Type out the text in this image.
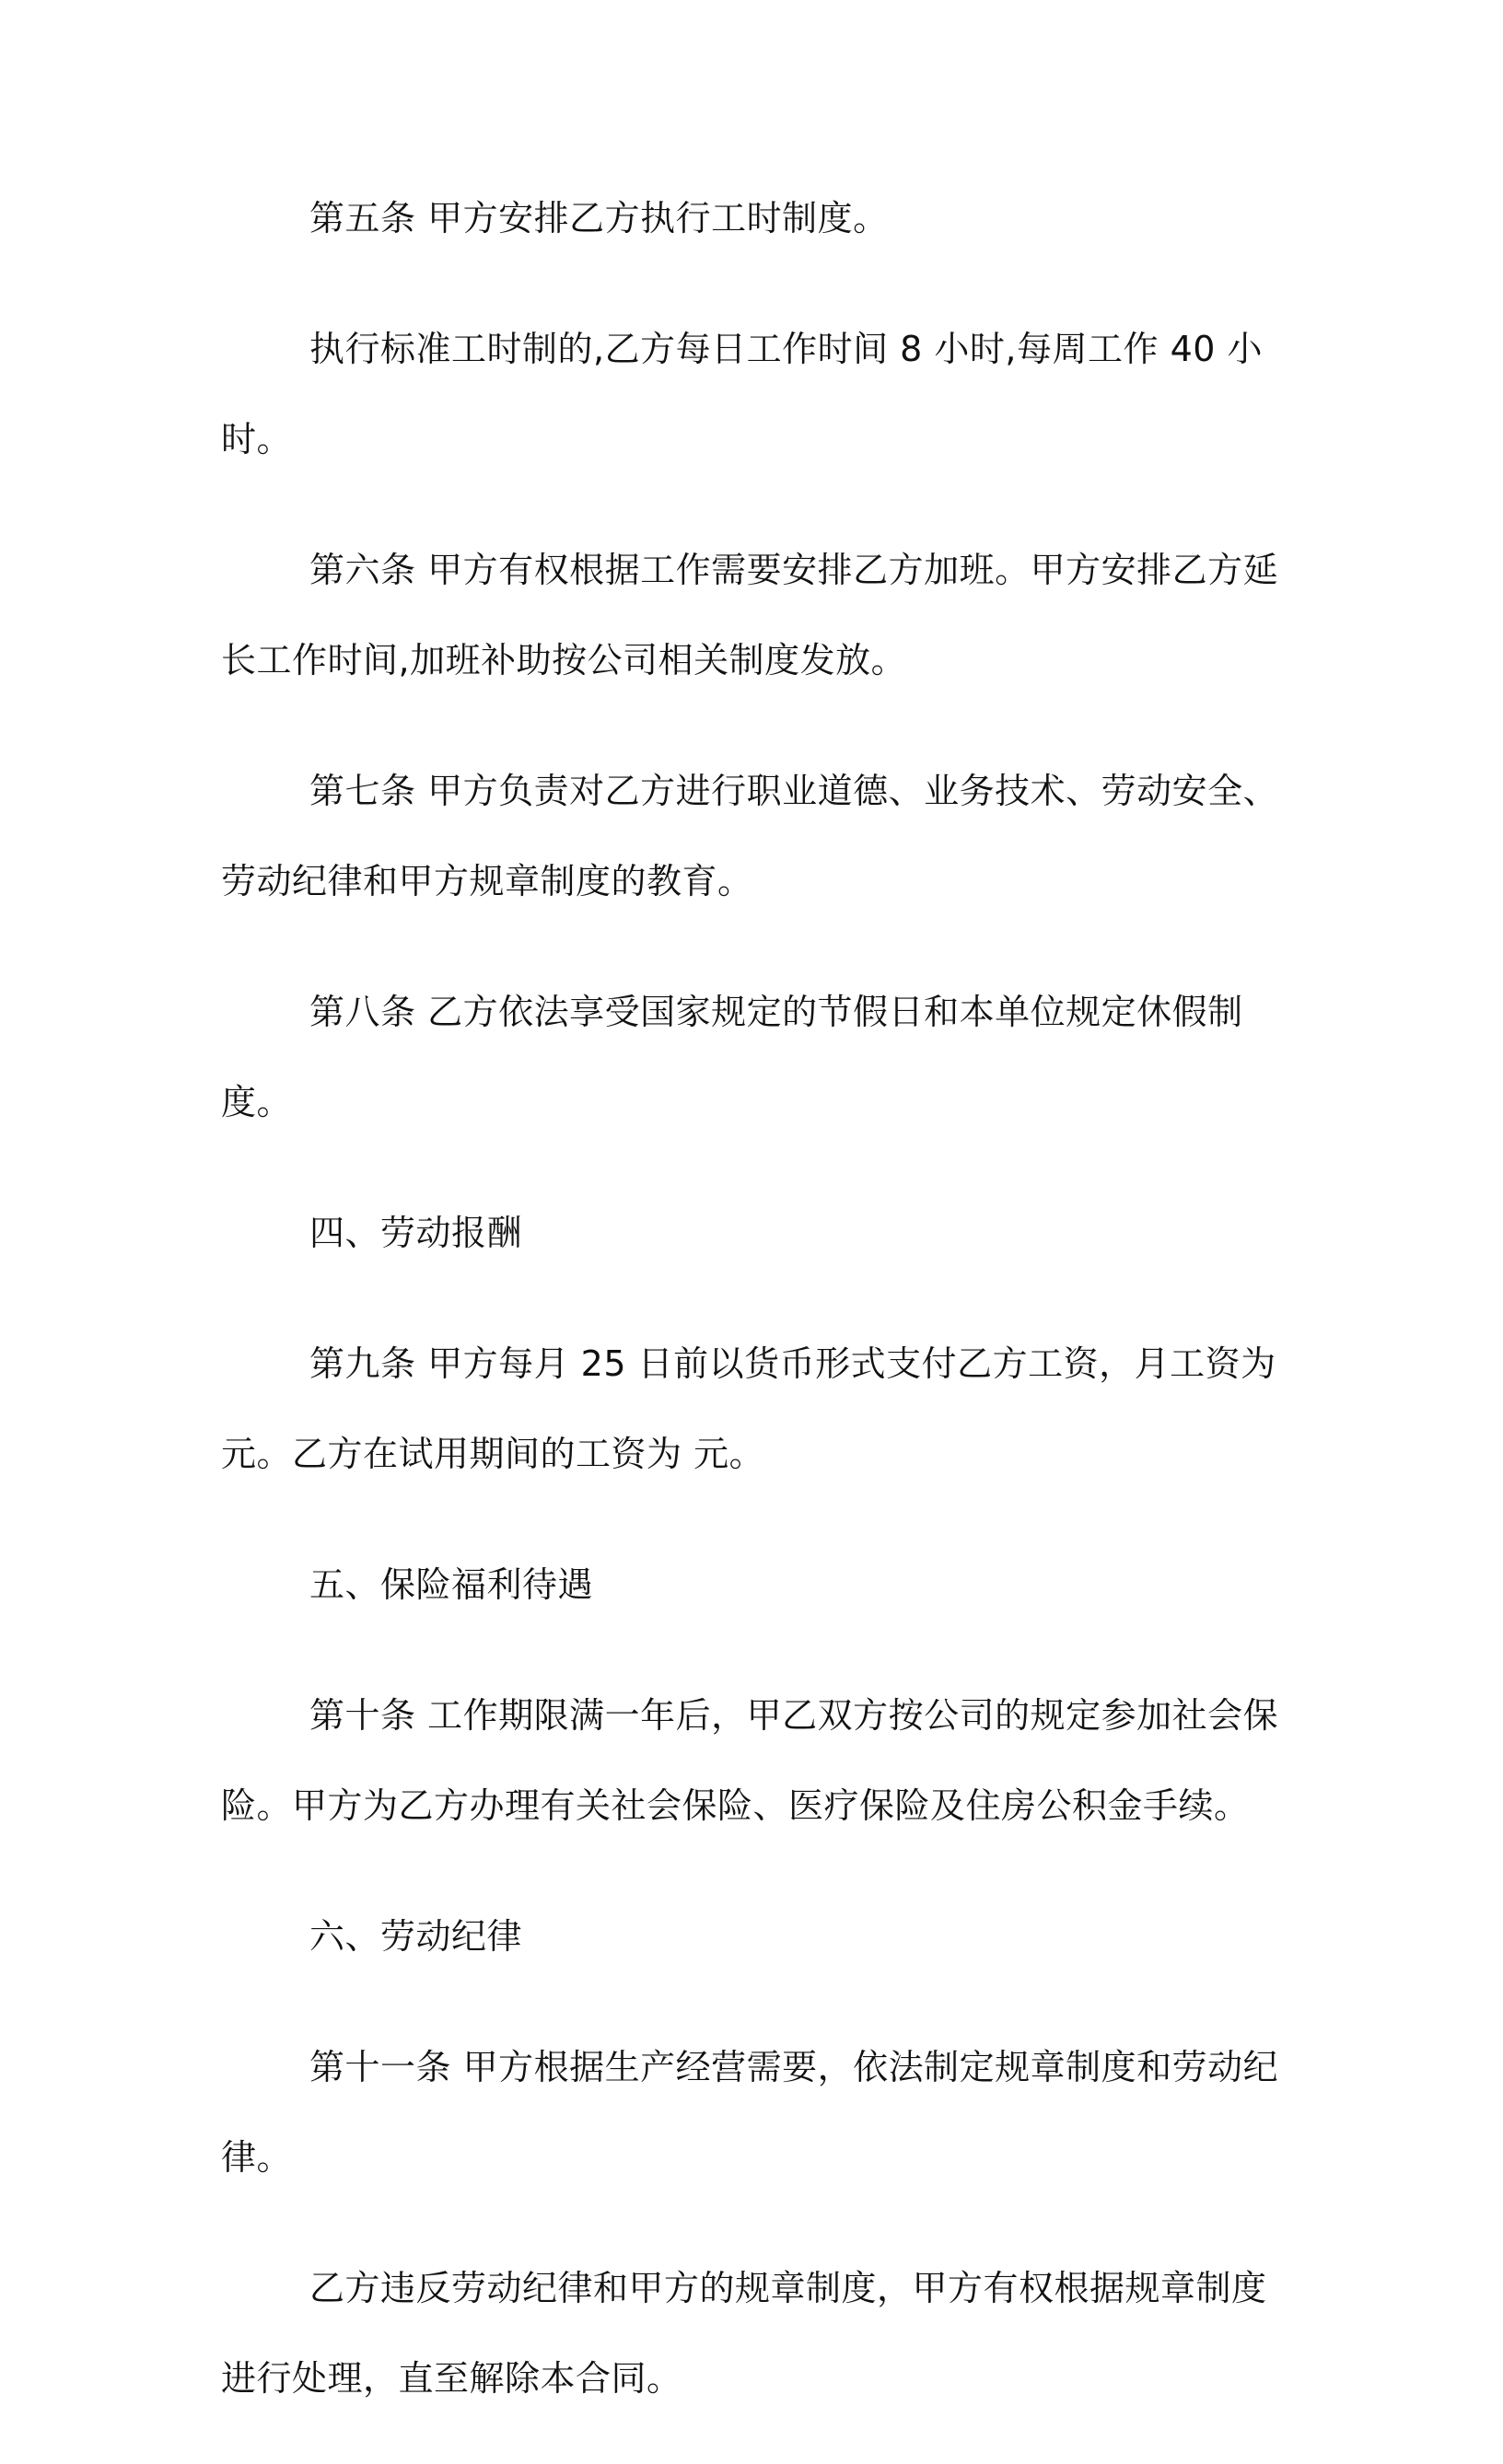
第五条 甲方安排乙方执行工时制度。

执行标准工时制的,乙方每日工作时间 8 小时,每周工作 40 小时。

第六条 甲方有权根据工作需要安排乙方加班。甲方安排乙方延长工作时间,加班补助按公司相关制度发放。

第七条 甲方负责对乙方进行职业道德、业务技术、劳动安全、劳动纪律和甲方规章制度的教育。

第八条 乙方依法享受国家规定的节假日和本单位规定休假制度。

四、劳动报酬

第九条 甲方每月 25 日前以货币形式支付乙方工资，月工资为 元。乙方在试用期间的工资为 元。

五、保险福利待遇

第十条 工作期限满一年后，甲乙双方按公司的规定参加社会保险。甲方为乙方办理有关社会保险、医疗保险及住房公积金手续。

六、劳动纪律

第十一条 甲方根据生产经营需要，依法制定规章制度和劳动纪律。

乙方违反劳动纪律和甲方的规章制度，甲方有权根据规章制度进行处理，直至解除本合同。
